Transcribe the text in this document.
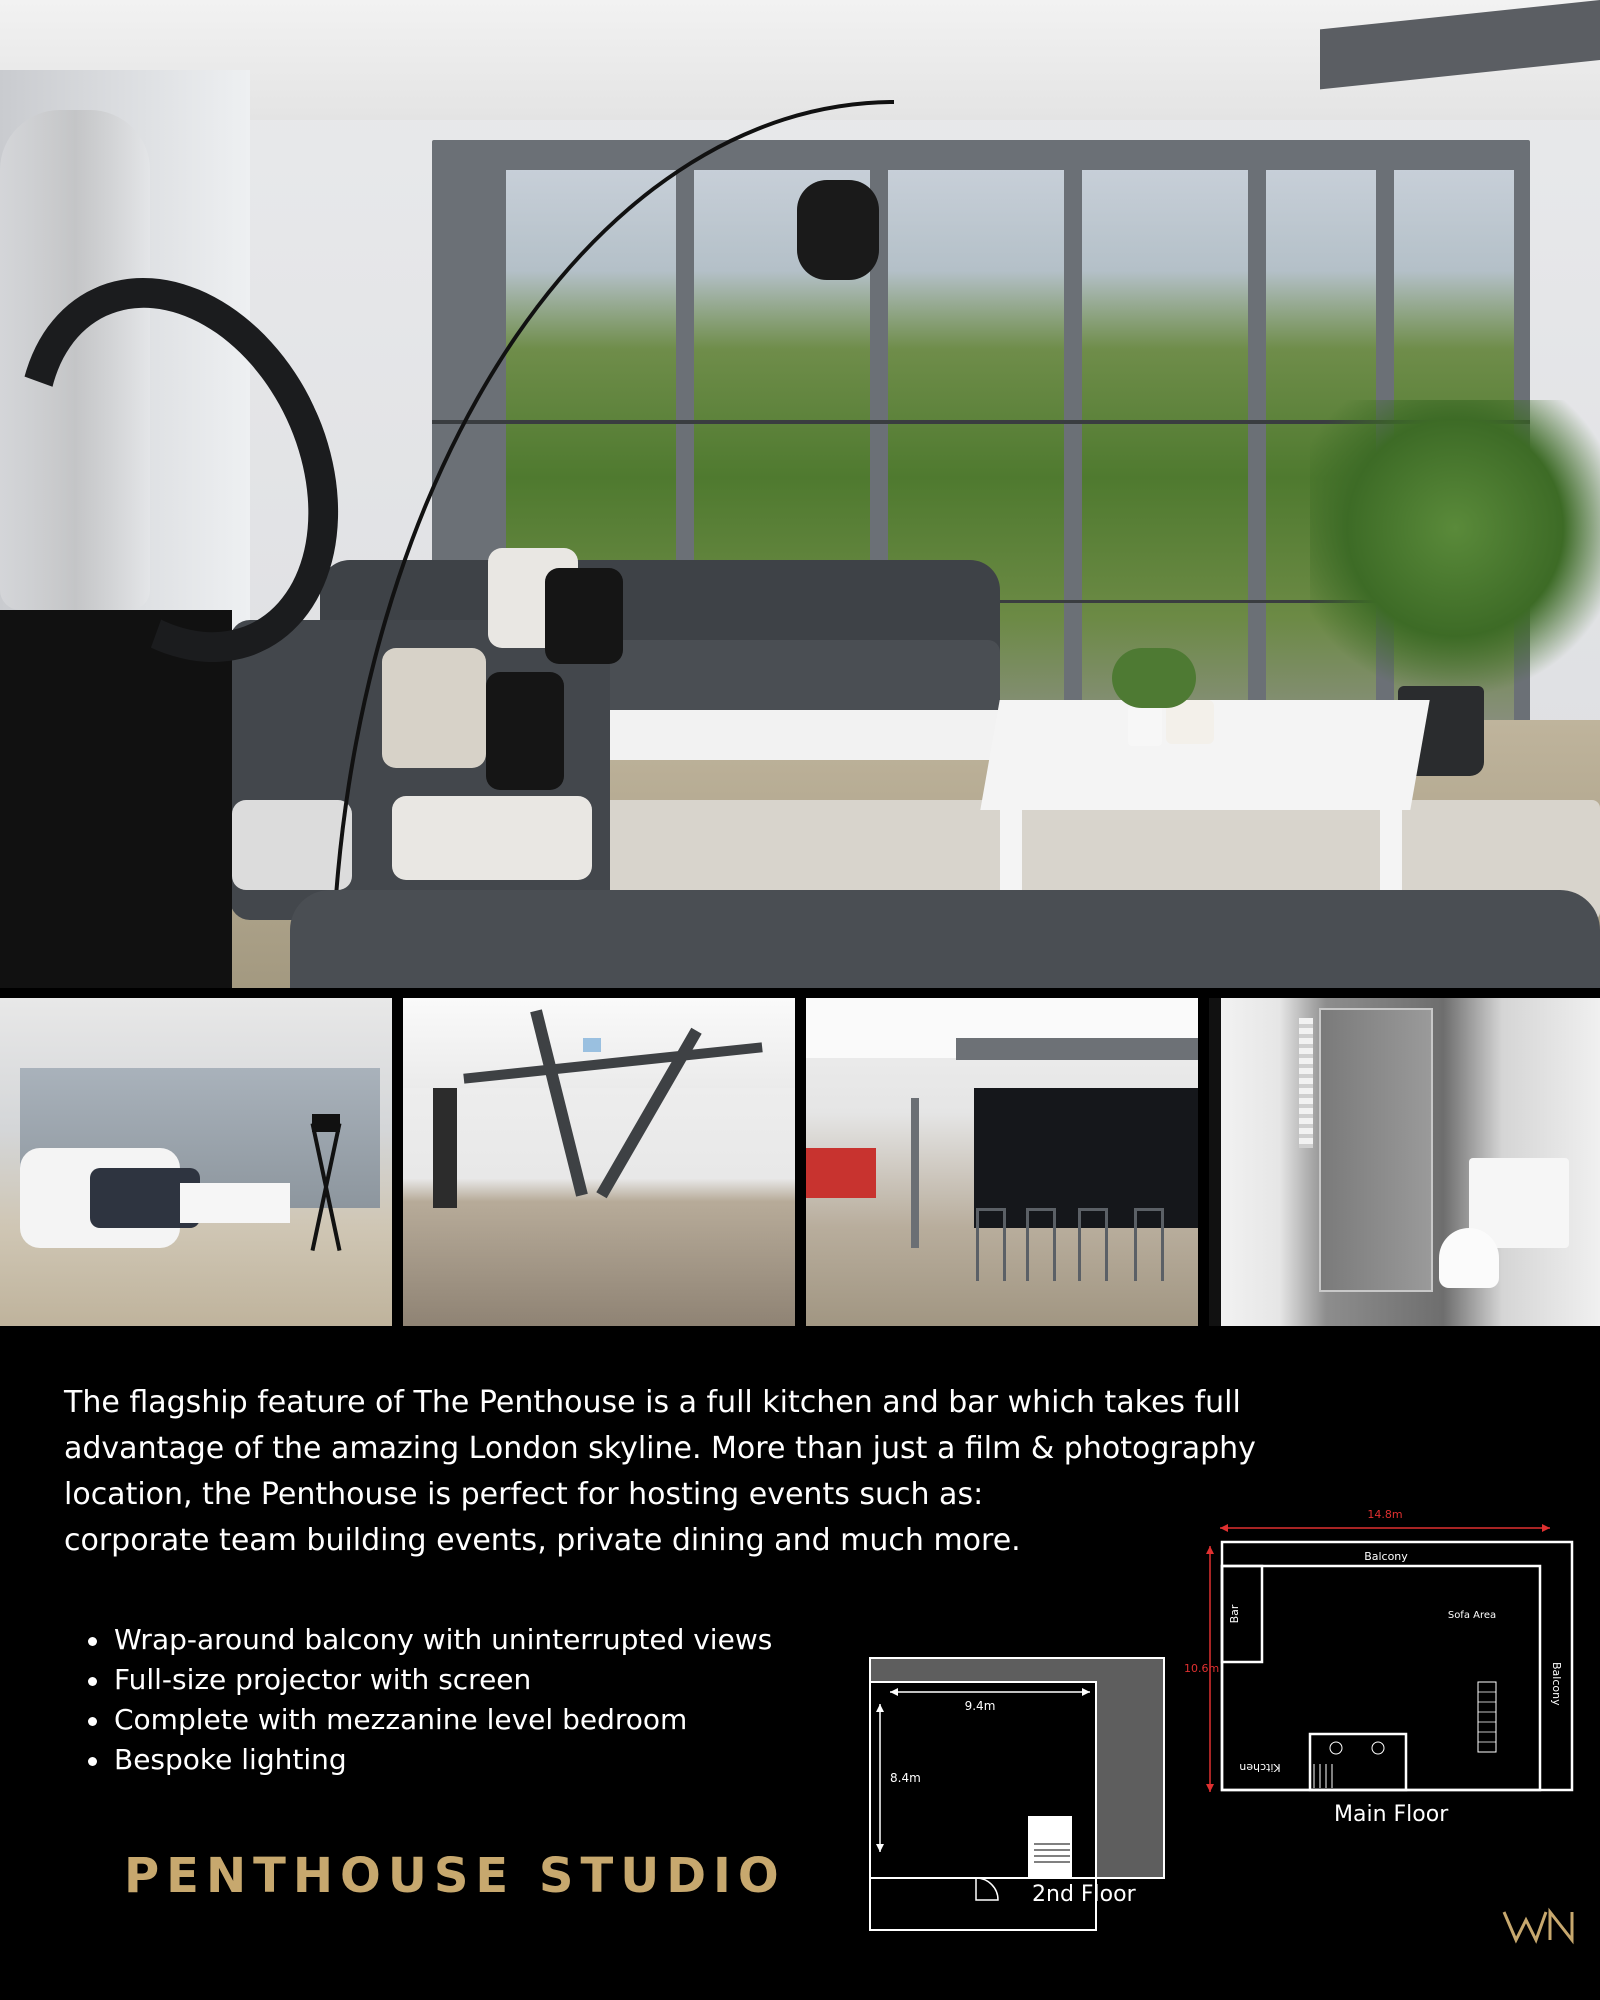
The flagship feature of The Penthouse is a full kitchen and bar which takes full
advantage of the amazing London skyline. More than just a film & photography
location, the Penthouse is perfect for hosting events such as:
corporate team building events, private dining and much more.

Wrap-around balcony with uninterrupted views
Full-size projector with screen
Complete with mezzanine level bedroom
Bespoke lighting
PENTHOUSE STUDIO
9.4m
8.4m
2nd Floor
14.8m
10.6m
Balcony
Balcony
Bar	Sofa Area
Kitchen
Main Floor
